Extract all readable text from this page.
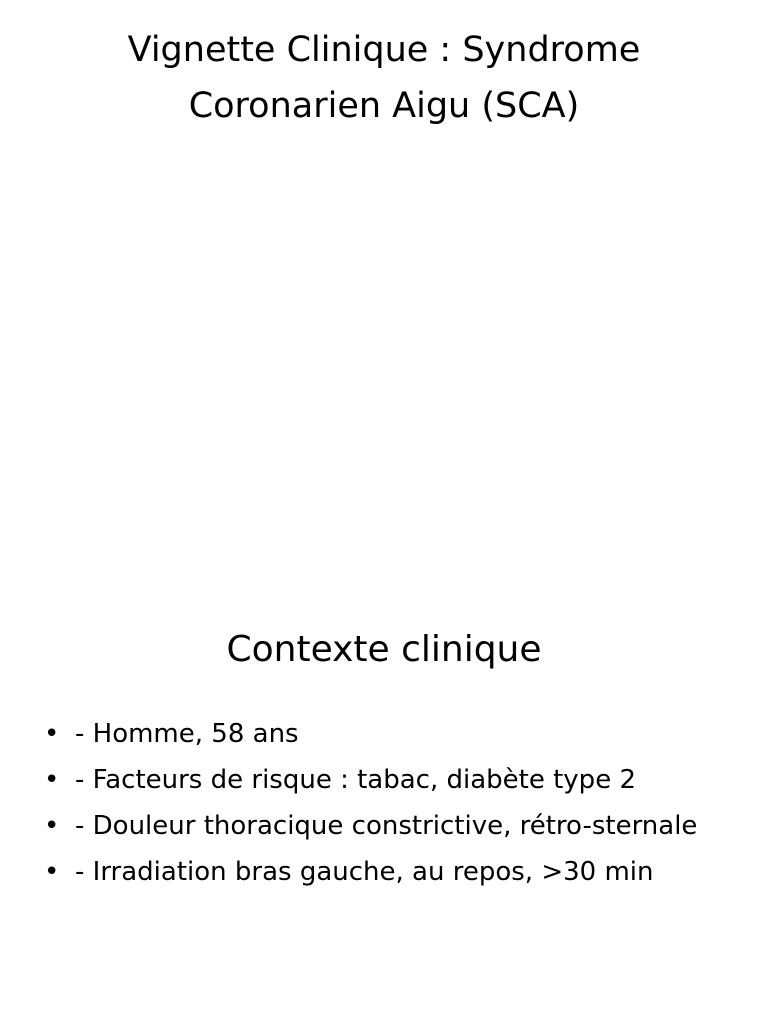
Vignette Clinique : Syndrome
Coronarien Aigu (SCA)
Contexte clinique
• - Homme, 58 ans
• - Facteurs de risque : tabac, diabète type 2
• - Douleur thoracique constrictive, rétro-sternale
• - Irradiation bras gauche, au repos, >30 min
